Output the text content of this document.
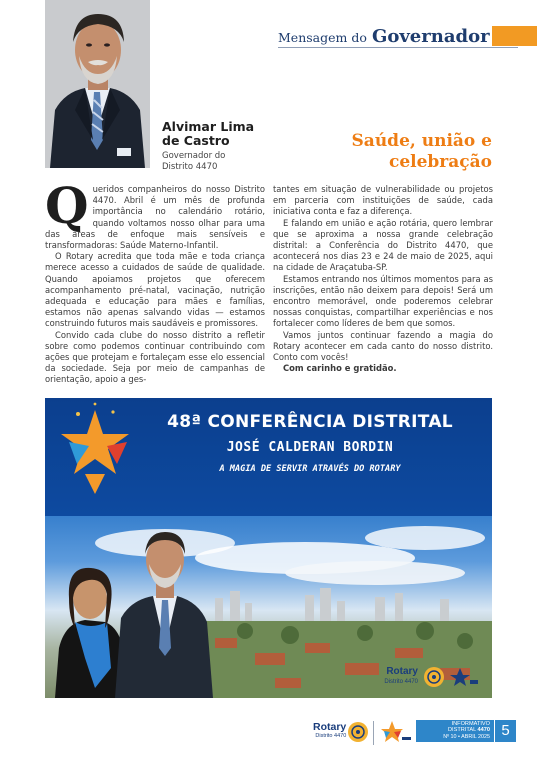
Mensagem do Governador
Alvimar Lima
de Castro
Governador do
Distrito 4470
Saúde, união e
celebração

Queridos companheiros do nosso Distrito 4470. Abril é um mês de profunda importância no calendário rotário, quando voltamos nosso olhar para uma das áreas de enfoque mais sensíveis e transformadoras: Saúde Materno-Infantil.

O Rotary acredita que toda mãe e toda criança merece acesso a cuidados de saúde de qualidade. Quando apoiamos projetos que oferecem acompanhamento pré-natal, vacinação, nutrição adequada e educação para mães e famílias, estamos não apenas salvando vidas — estamos construindo futuros mais saudáveis e promissores.

Convido cada clube do nosso distrito a refletir sobre como podemos continuar contribuindo com ações que protejam e fortaleçam esse elo essencial da sociedade. Seja por meio de campanhas de orientação, apoio a ges-

tantes em situação de vulnerabilidade ou projetos em parceria com instituições de saúde, cada iniciativa conta e faz a diferença.

E falando em união e ação rotária, quero lembrar que se aproxima a nossa grande celebração distrital: a Conferência do Distrito 4470, que acontecerá nos dias 23 e 24 de maio de 2025, aqui na cidade de Araçatuba-SP.

Estamos entrando nos últimos momentos para as inscrições, então não deixem para depois! Será um encontro memorável, onde poderemos celebrar nossas conquistas, compartilhar experiências e nos fortalecer como líderes de bem que somos.

Vamos juntos continuar fazendo a magia do Rotary acontecer em cada canto do nosso distrito. Conto com vocês!

Com carinho e gratidão.

48ª CONFERÊNCIA DISTRITAL
JOSÉ CALDERAN BORDIN
A MAGIA DE SERVIR ATRAVÉS DO ROTARY
Rotary
Distrito 4470
Rotary
Distrito 4470
INFORMATIVO
DISTRITAL 4470
Nº 10 • ABRIL 2025 5
